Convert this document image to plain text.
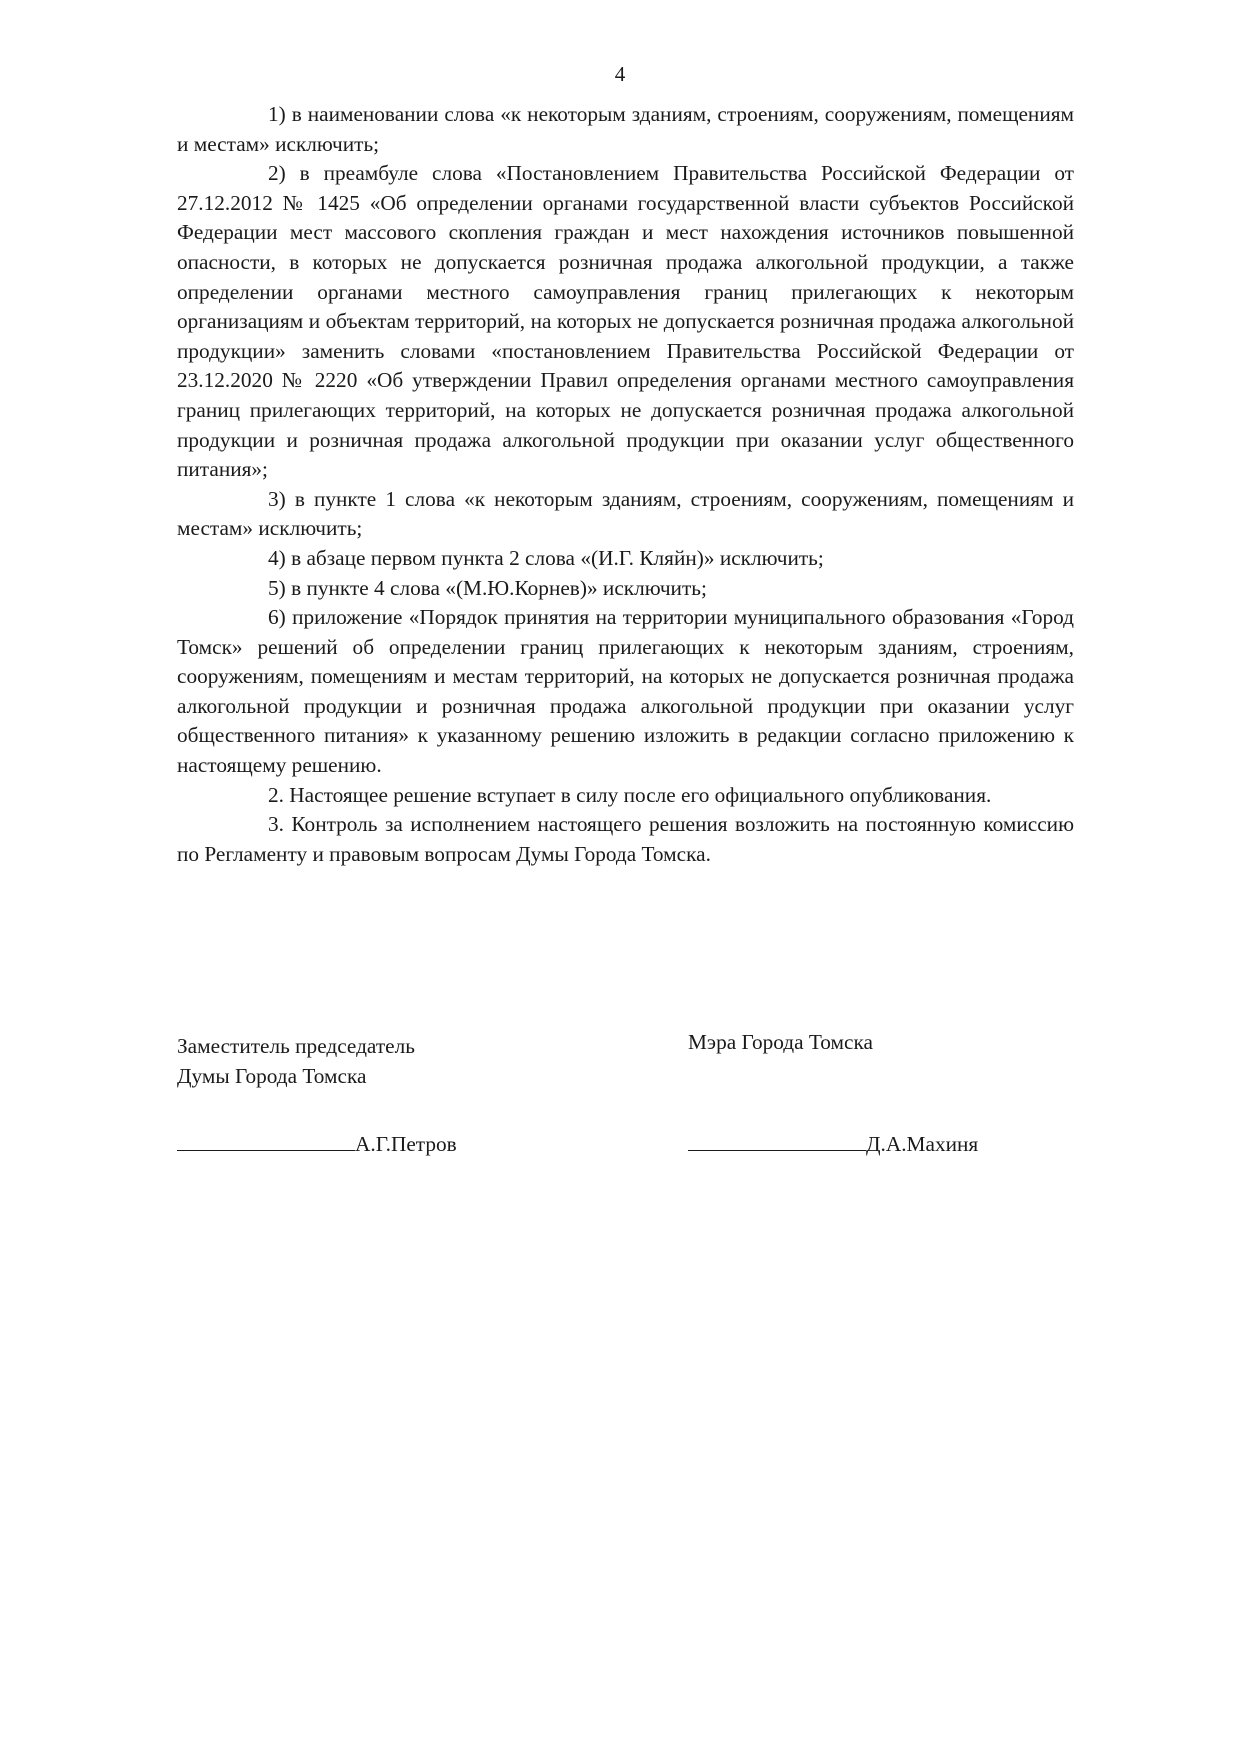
4

1) в наименовании слова «к некоторым зданиям, строениям, сооружениям, помещениям и местам» исключить;

2) в преамбуле слова «Постановлением Правительства Российской Федерации от 27.12.2012 № 1425 «Об определении органами государственной власти субъектов Российской Федерации мест массового скопления граждан и мест нахождения источников повышенной опасности, в которых не допускается розничная продажа алкогольной продукции, а также определении органами местного самоуправления границ прилегающих к некоторым организациям и объектам территорий, на которых не допускается розничная продажа алкогольной продукции» заменить словами «постановлением Правительства Российской Федерации от 23.12.2020 № 2220 «Об утверждении Правил определения органами местного самоуправления границ прилегающих территорий, на которых не допускается розничная продажа алкогольной продукции и розничная продажа алкогольной продукции при оказании услуг общественного питания»;

3) в пункте 1 слова «к некоторым зданиям, строениям, сооружениям, помещениям и местам» исключить;

4) в абзаце первом пункта 2 слова «(И.Г. Кляйн)» исключить;

5) в пункте 4 слова «(М.Ю.Корнев)» исключить;

6) приложение «Порядок принятия на территории муниципального образования «Город Томск» решений об определении границ прилегающих к некоторым зданиям, строениям, сооружениям, помещениям и местам территорий, на которых не допускается розничная продажа алкогольной продукции и розничная продажа алкогольной продукции при оказании услуг общественного питания» к указанному решению изложить в редакции согласно приложению к настоящему решению.

2. Настоящее решение вступает в силу после его официального опубликования.

3. Контроль за исполнением настоящего решения возложить на постоянную комиссию по Регламенту и правовым вопросам Думы Города Томска.

Заместитель председатель
Думы Города Томска
А.Г.Петров
Мэра Города Томска
Д.А.Махиня
